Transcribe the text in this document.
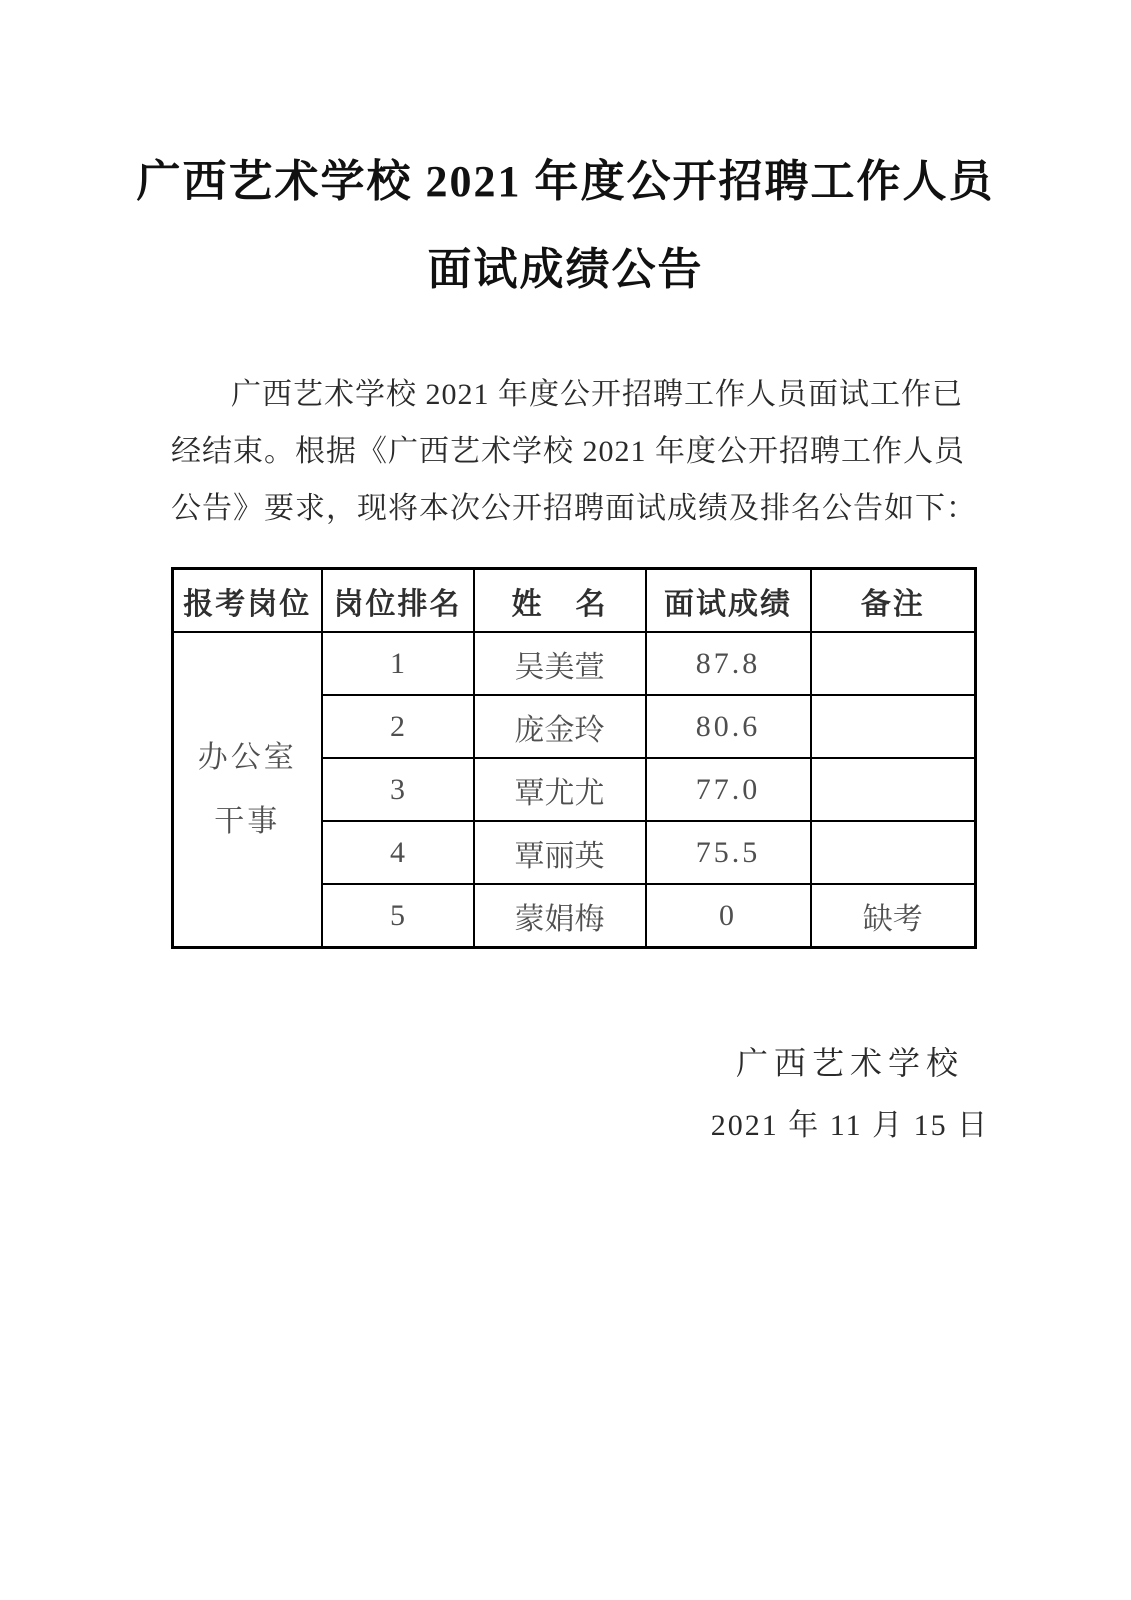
广西艺术学校 2021 年度公开招聘工作人员
面试成绩公告
广西艺术学校 2021 年度公开招聘工作人员面试工作已
经结束。根据《广西艺术学校 2021 年度公开招聘工作人员
公告》要求，现将本次公开招聘面试成绩及排名公告如下：
报考岗位	岗位排名	姓　名	面试成绩	备注

办公室
干事	1	吴美萱	87.8	
	2	庞金玲	80.6	
	3	覃尤尤	77.0	
	4	覃丽英	75.5	
	5	蒙娟梅	0	缺考
广西艺术学校
2021 年 11 月 15 日
